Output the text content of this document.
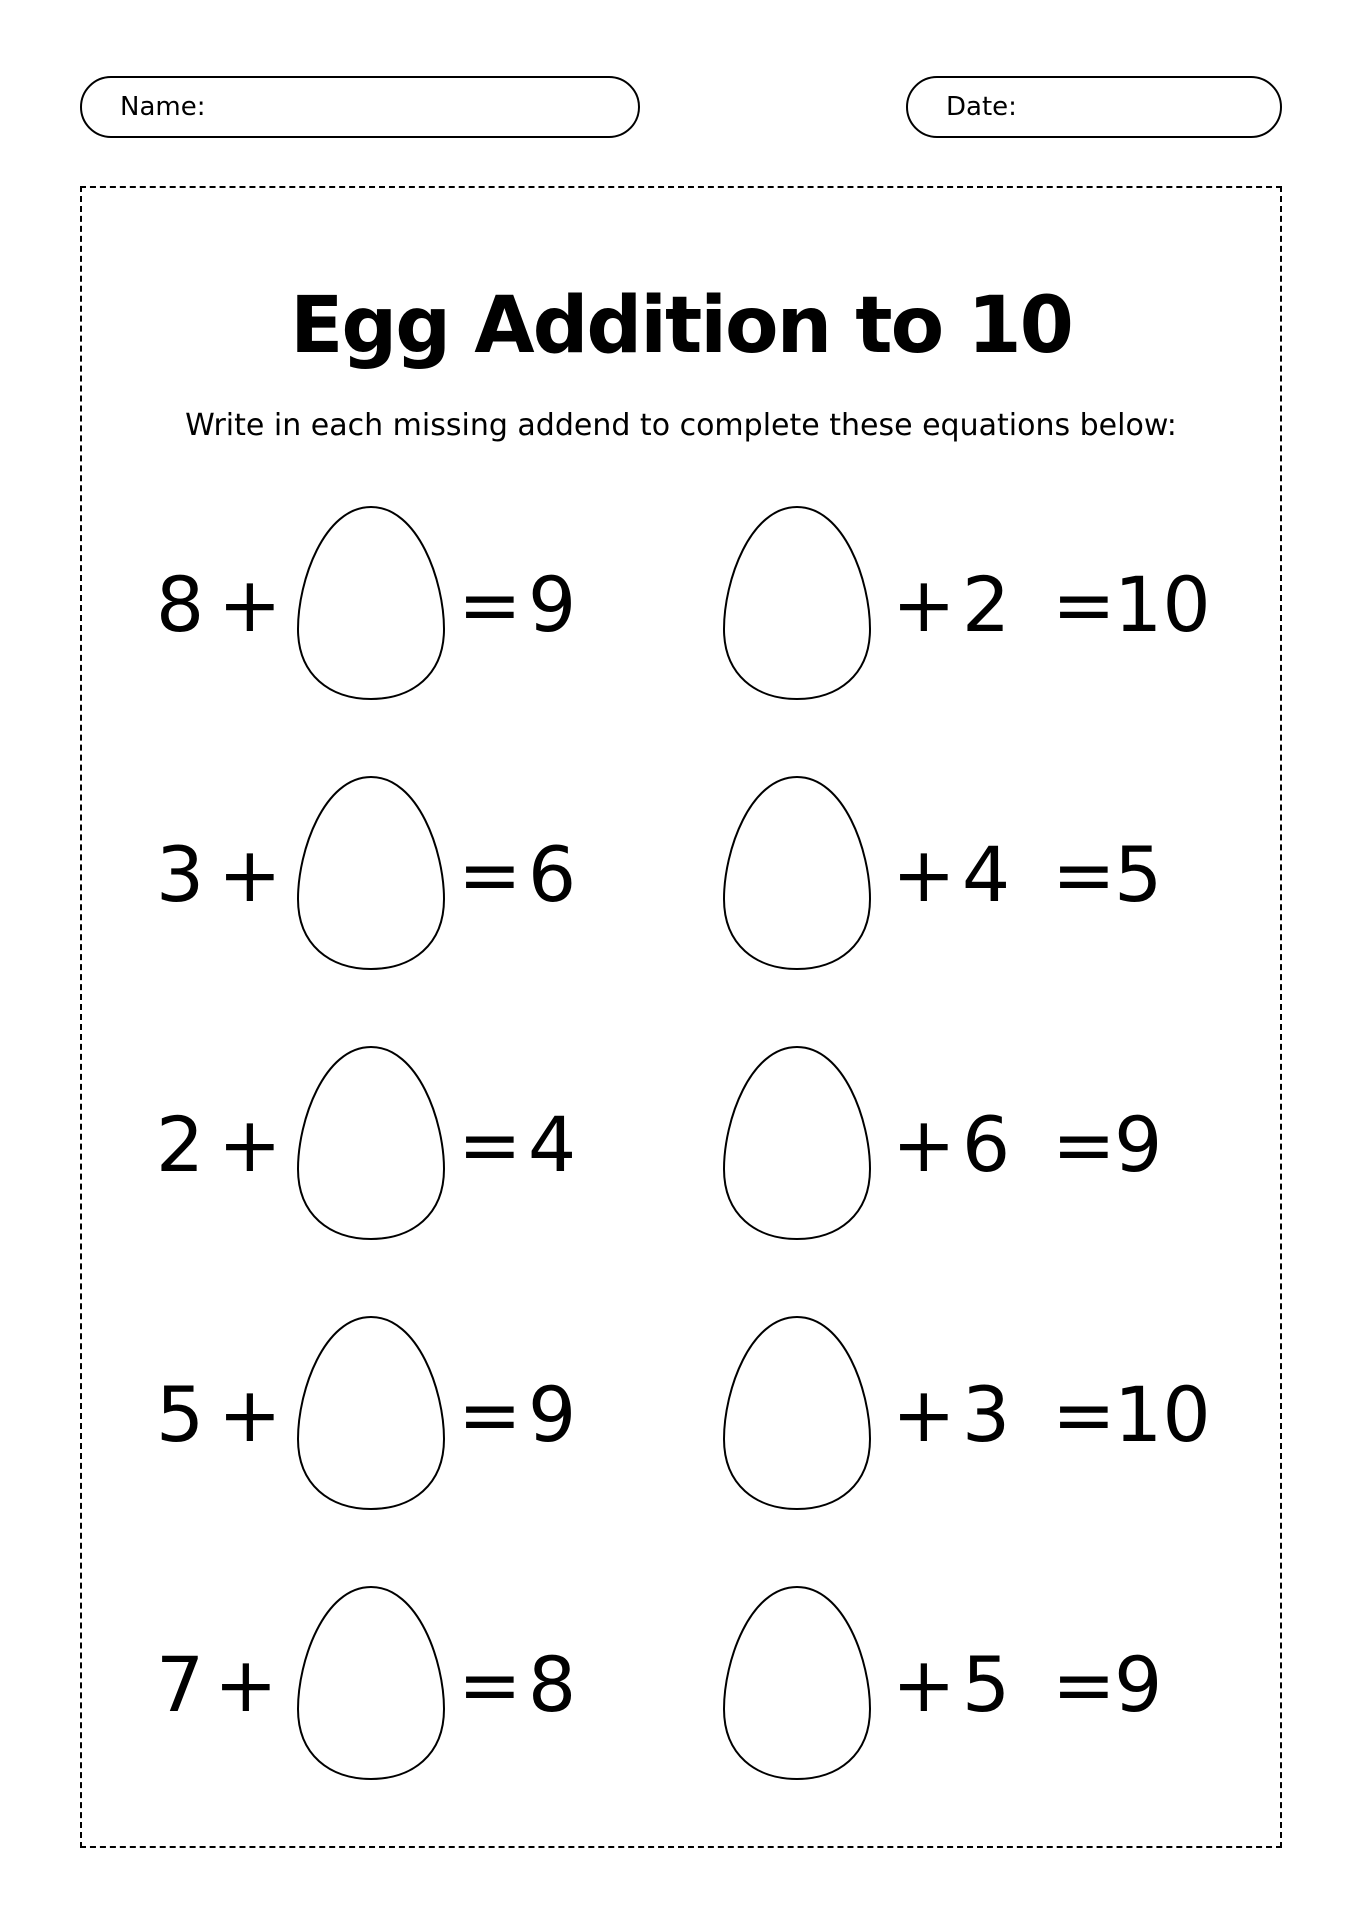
Name:	Date:
Egg Addition to 10

Write in each missing addend to complete these equations below:

8 + = 9
3 + = 6
2 + = 4
5 + = 9
7 + = 8
+ 2 =
10
+ 4 =
5
+ 6 =
9
+ 3 =
10
+ 5 =
9
